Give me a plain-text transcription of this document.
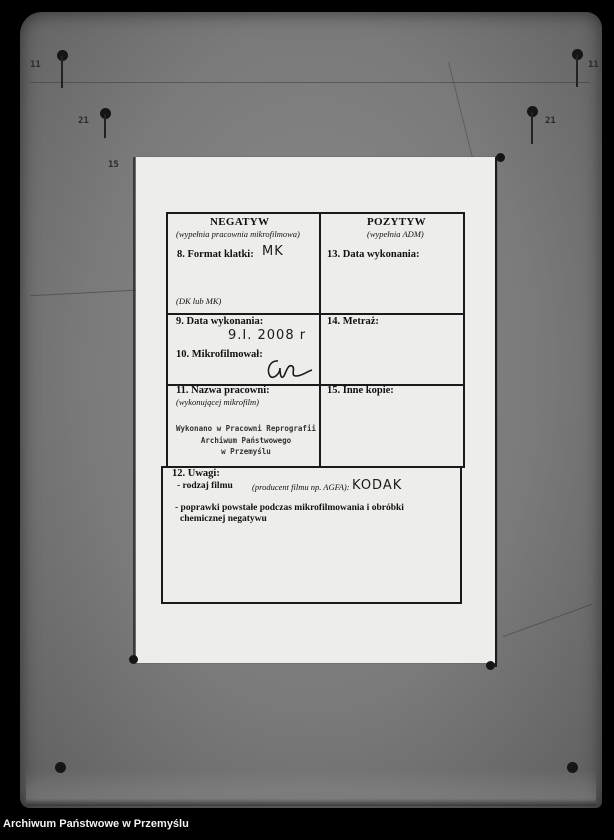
11
21
15
11
21
NEGATYW
(wypełnia pracownia mikrofilmowa)
POZYTYW
(wypełnia ADM)
8. Format klatki: MK
(DK lub MK)
13. Data wykonania:
9. Data wykonania:
9.I. 2008 r
10. Mikrofilmował:
14. Metraż:
11. Nazwa pracowni:
(wykonującej mikrofilm)
Wykonano w Pracowni Reprografii
Archiwum Państwowego
w Przemyślu
15. Inne kopie:
12. Uwagi:
- rodzaj filmu (producent filmu np. AGFA): KODAK
- poprawki powstałe podczas mikrofilmowania i obróbki
chemicznej negatywu
Archiwum Państwowe w Przemyślu
